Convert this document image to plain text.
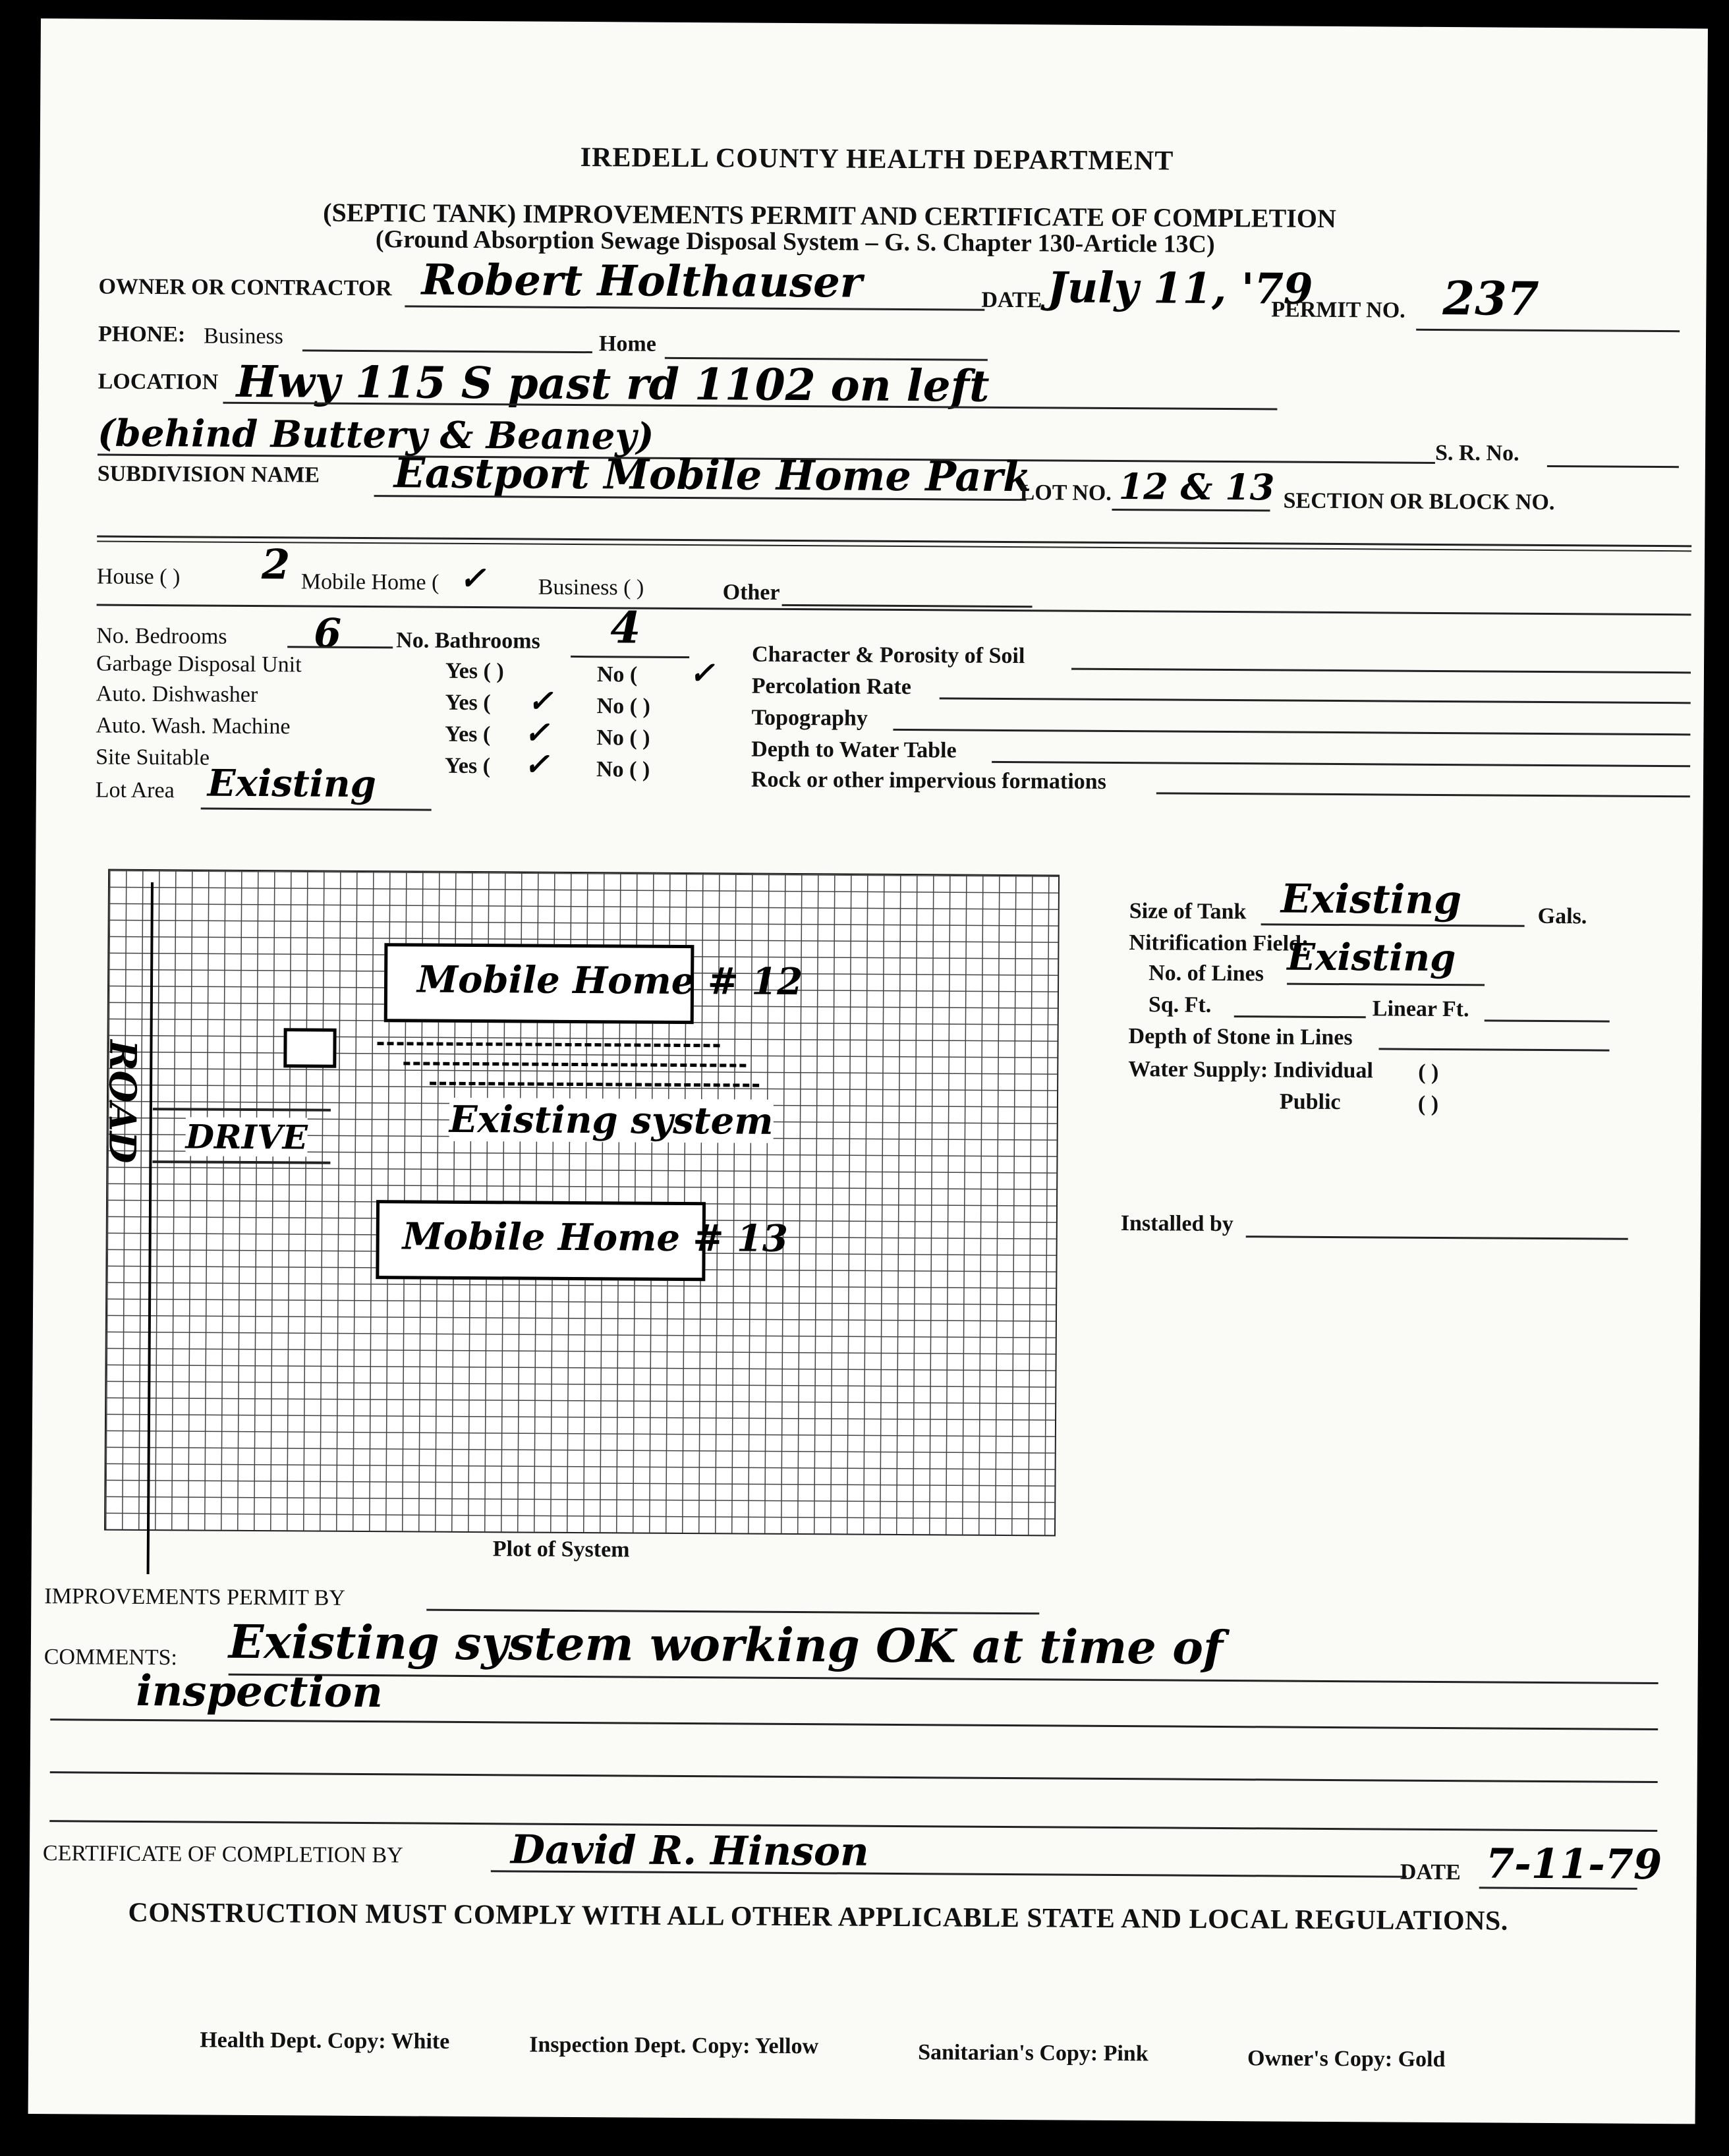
IREDELL COUNTY HEALTH DEPARTMENT
(SEPTIC TANK) IMPROVEMENTS PERMIT AND CERTIFICATE OF COMPLETION
(Ground Absorption Sewage Disposal System – G. S. Chapter 130-Article 13C)
OWNER OR CONTRACTOR Robert Holthauser	DATE July 11, '79
PERMIT NO. 237
PHONE: Business	Home
LOCATION Hwy 115 S past rd 1102 on left
(behind Buttery & Beaney)	S. R. No.
SUBDIVISION NAME Eastport Mobile Home Park
LOT NO. 12 & 13 SECTION OR BLOCK NO.
House ( ) 2 Mobile Home ( ✓ Business ( )	Other
No. Bedrooms 6 No. Bathrooms 4
Garbage Disposal Unit	Yes ( )	No ( ✓
Auto. Dishwasher	Yes ( ✓ No ( )
Auto. Wash. Machine	Yes ( ✓ No ( )
Site Suitable	Yes ( ✓ No ( )
Lot Area Existing
Character & Porosity of Soil
Percolation Rate
Topography
Depth to Water Table
Rock or other impervious formations
ROAD DRIVE
Mobile Home # 12
Existing system
Mobile Home # 13
Plot of System
Size of Tank Existing	Gals.
Nitrification Field:
No. of Lines Existing
Sq. Ft.	Linear Ft.
Depth of Stone in Lines
Water Supply: Individual ( )
Public	( )
Installed by
IMPROVEMENTS PERMIT BY
COMMENTS: Existing system working OK at time of
inspection
CERTIFICATE OF COMPLETION BY	David R. Hinson	DATE 7-11-79
CONSTRUCTION MUST COMPLY WITH ALL OTHER APPLICABLE STATE AND LOCAL REGULATIONS.
Health Dept. Copy: White	Inspection Dept. Copy: Yellow	Sanitarian's Copy: Pink	Owner's Copy: Gold
